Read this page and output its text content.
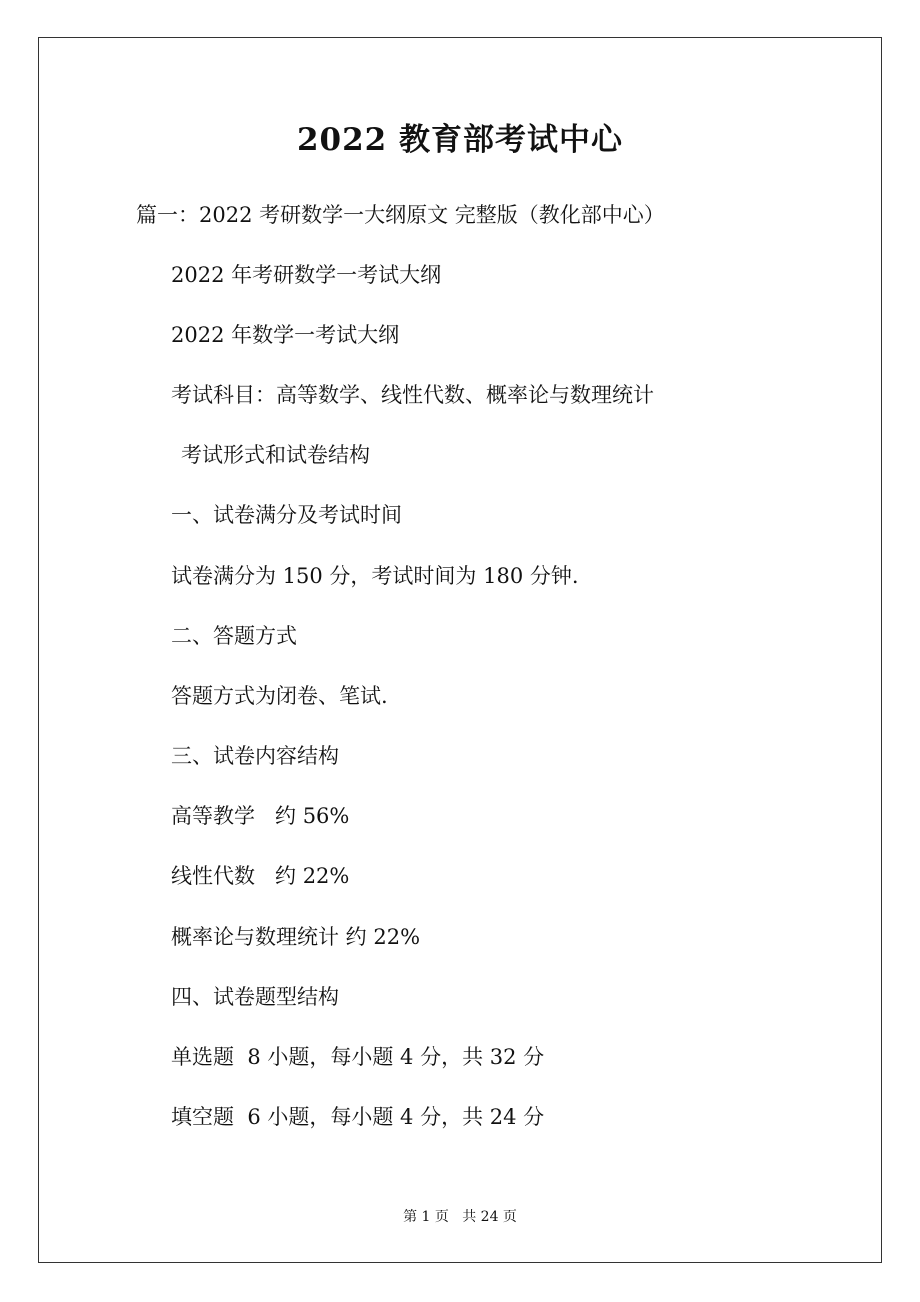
2022 教育部考试中心

篇一：2022 考研数学一大纲原文 完整版（教化部中心）

2022 年考研数学一考试大纲

2022 年数学一考试大纲

考试科目：高等数学、线性代数、概率论与数理统计

考试形式和试卷结构

一、试卷满分及考试时间

试卷满分为 150 分，考试时间为 180 分钟.

二、答题方式

答题方式为闭卷、笔试.

三、试卷内容结构

高等教学   约 56%

线性代数   约 22%

概率论与数理统计 约 22%

四、试卷题型结构

单选题  8 小题，每小题 4 分，共 32 分

填空题  6 小题，每小题 4 分，共 24 分

第 1 页   共 24 页
